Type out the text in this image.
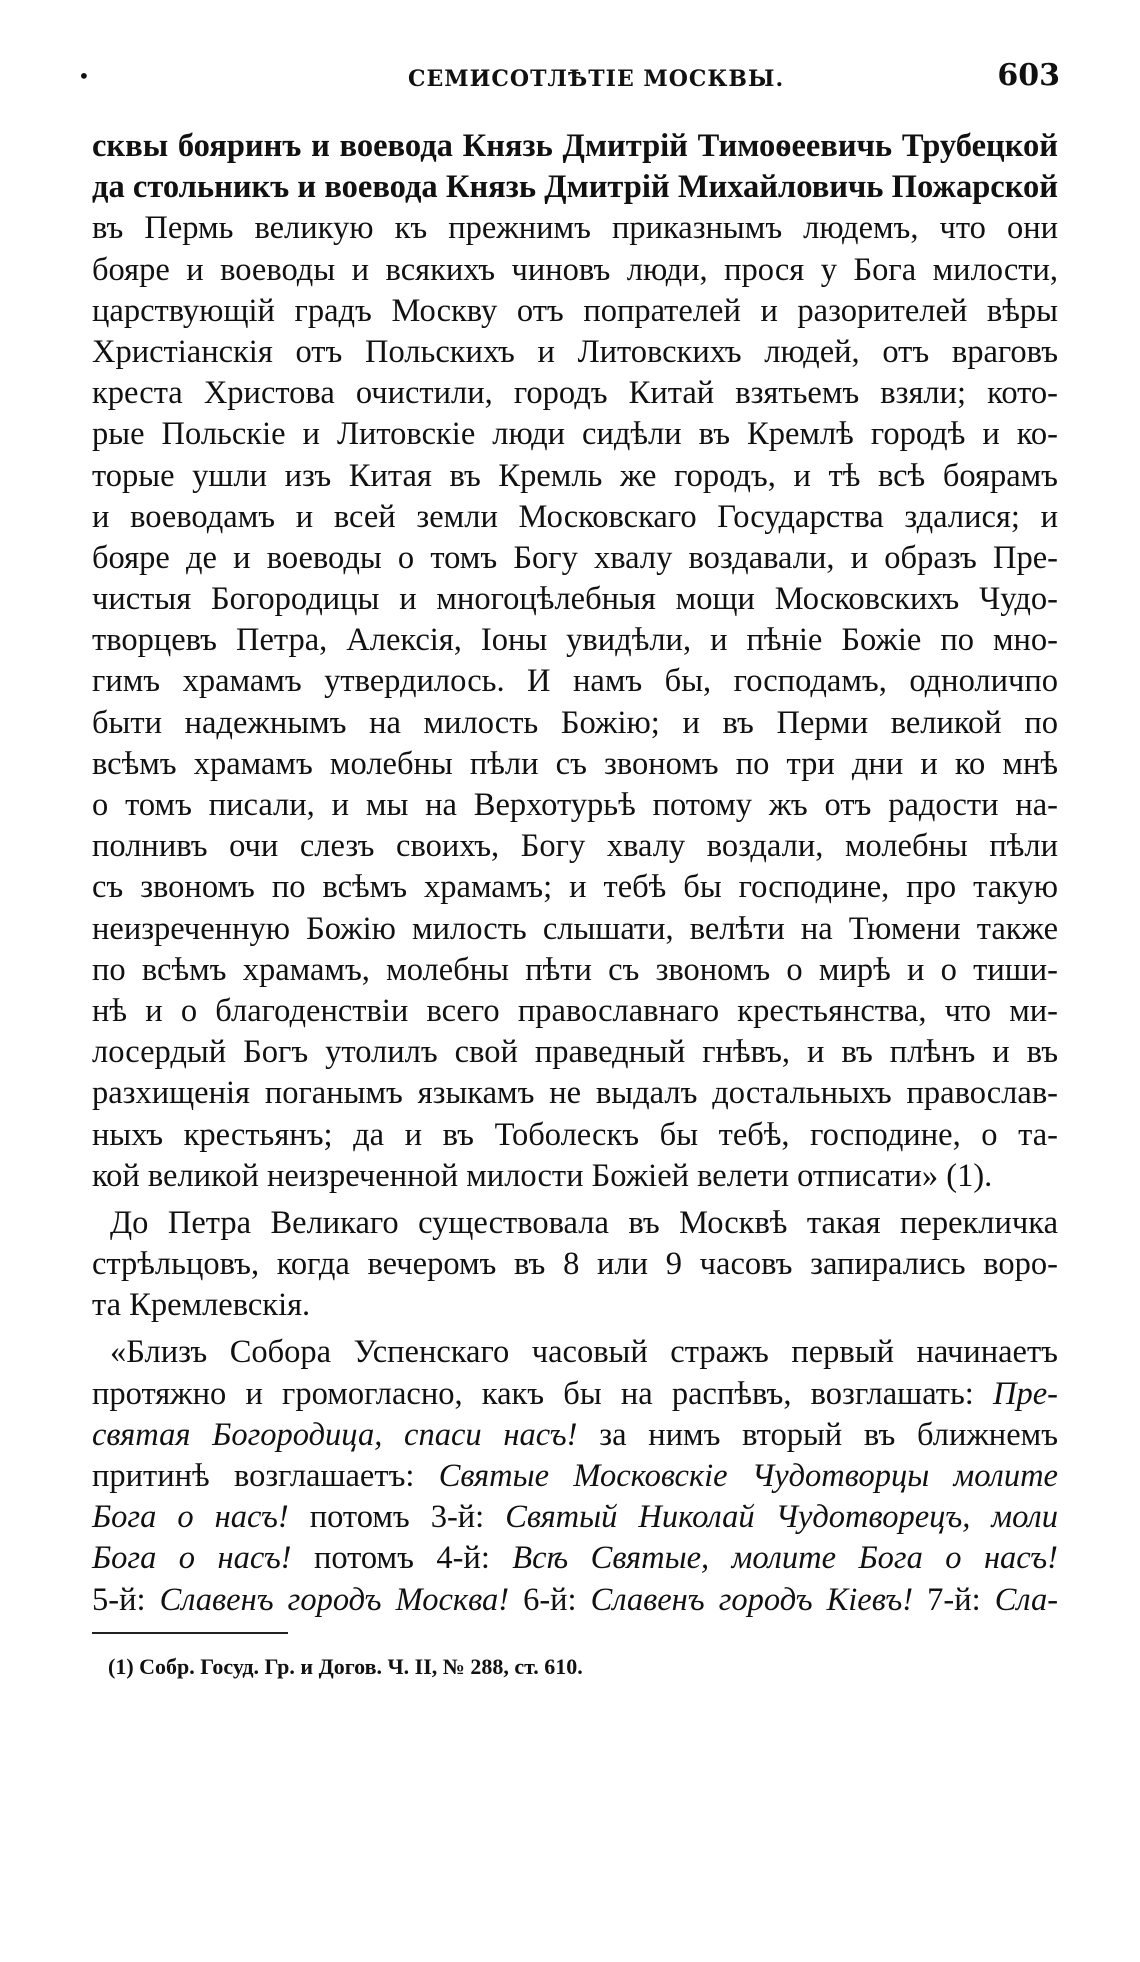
•	СЕМИСОТЛѢТІЕ МОСКВЫ.	603
сквы бояринъ и воевода Князь Дмитрій Тимоѳеевичь Трубецкой
да стольникъ и воевода Князь Дмитрій Михайловичь Пожарской
въ Пермь великую къ прежнимъ приказнымъ людемъ, что они
бояре и воеводы и всякихъ чиновъ люди, прося у Бога милости,
царствующій градъ Москву отъ попрателей и разорителей вѣры
Христіанскія отъ Польскихъ и Литовскихъ людей, отъ враговъ
креста Христова очистили, городъ Китай взятьемъ взяли; кото-
рые Польскіе и Литовскіе люди сидѣли въ Кремлѣ городѣ и ко-
торые ушли изъ Китая въ Кремль же городъ, и тѣ всѣ боярамъ
и воеводамъ и всей земли Московскаго Государства здалися; и
бояре де и воеводы о томъ Богу хвалу воздавали, и образъ Пре-
чистыя Богородицы и многоцѣлебныя мощи Московскихъ Чудо-
творцевъ Петра, Алексія, Іоны увидѣли, и пѣніе Божіе по мно-
гимъ храмамъ утвердилось. И намъ бы, господамъ, одноличпо
быти надежнымъ на милость Божію; и въ Перми великой по
всѣмъ храмамъ молебны пѣли съ звономъ по три дни и ко мнѣ
о томъ писали, и мы на Верхотурьѣ потому жъ отъ радости на-
полнивъ очи слезъ своихъ, Богу хвалу воздали, молебны пѣли
съ звономъ по всѣмъ храмамъ; и тебѣ бы господине, про такую
неизреченную Божію милость слышати, велѣти на Тюмени также
по всѣмъ храмамъ, молебны пѣти съ звономъ о мирѣ и о тиши-
нѣ и о благоденствіи всего православнаго крестьянства, что ми-
лосердый Богъ утолилъ свой праведный гнѣвъ, и въ плѣнъ и въ
разхищенія поганымъ языкамъ не выдалъ достальныхъ православ-
ныхъ крестьянъ; да и въ Тоболескъ бы тебѣ, господине, о та-
кой великой неизреченной милости Божіей велети отписати» (1).
До Петра Великаго существовала въ Москвѣ такая перекличка
стрѣльцовъ, когда вечеромъ въ 8 или 9 часовъ запирались воро-
та Кремлевскія.
«Близъ Собора Успенскаго часовый стражъ первый начинаетъ
протяжно и громогласно, какъ бы на распѣвъ, возглашать: Пре-
святая Богородица, спаси насъ! за нимъ вторый въ ближнемъ
притинѣ возглашаетъ: Святые Московскіе Чудотворцы молите
Бога о насъ! потомъ 3-й: Святый Николай Чудотворецъ, моли
Бога о насъ! потомъ 4-й: Всѣ Святые, молите Бога о насъ!
5-й: Славенъ городъ Москва! 6-й: Славенъ городъ Кіевъ! 7-й: Сла-
(1) Собр. Госуд. Гр. и Догов. Ч. II, № 288, ст. 610.
